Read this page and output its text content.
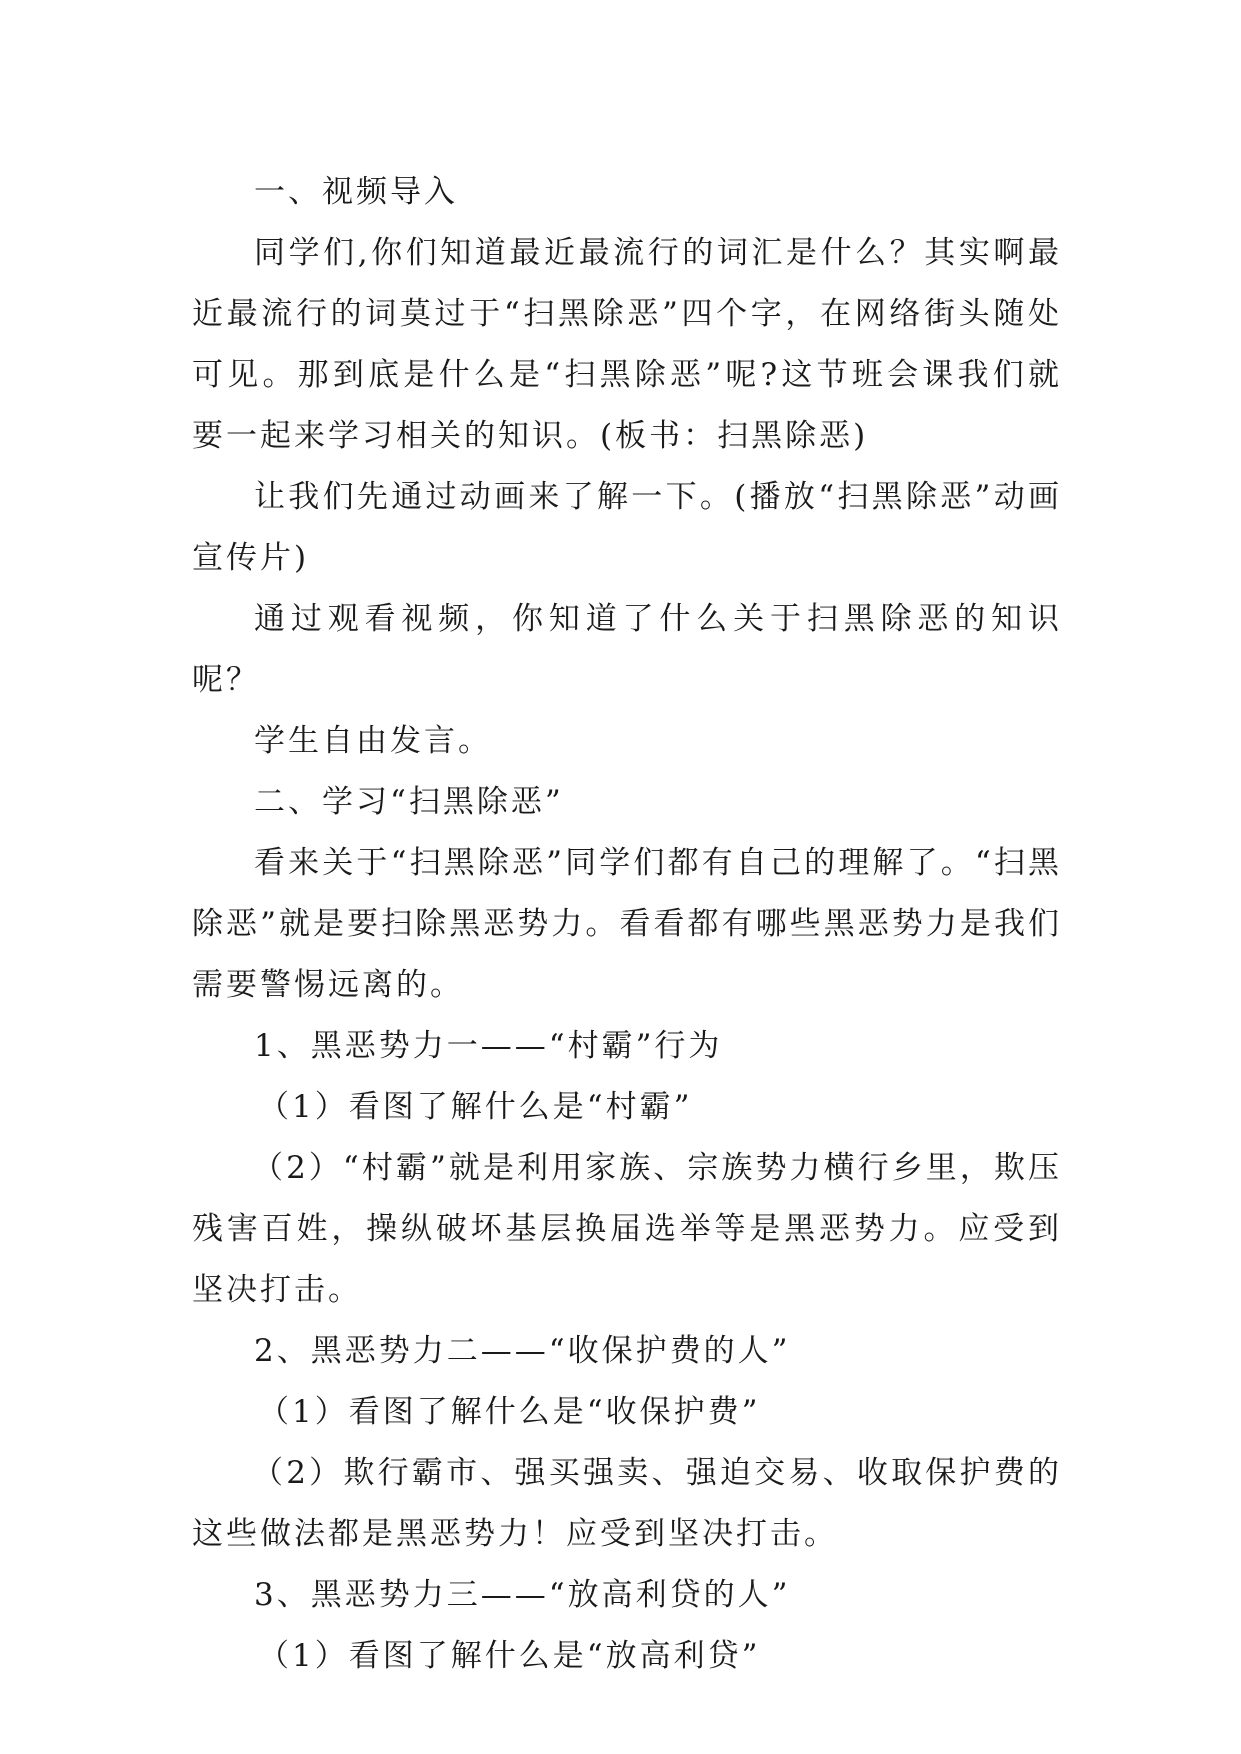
一、视频导入

同学们,你们知道最近最流行的词汇是什么？其实啊最近最流行的词莫过于“扫黑除恶”四个字，在网络街头随处可见。那到底是什么是“扫黑除恶”呢?这节班会课我们就要一起来学习相关的知识。(板书：扫黑除恶)

让我们先通过动画来了解一下。(播放“扫黑除恶”动画宣传片)

通过观看视频，你知道了什么关于扫黑除恶的知识呢？

学生自由发言。

二、学习“扫黑除恶”

看来关于“扫黑除恶”同学们都有自己的理解了。“扫黑除恶”就是要扫除黑恶势力。看看都有哪些黑恶势力是我们需要警惕远离的。

1、黑恶势力一——“村霸”行为

（1）看图了解什么是“村霸”

（2）“村霸”就是利用家族、宗族势力横行乡里，欺压残害百姓，操纵破坏基层换届选举等是黑恶势力。应受到坚决打击。

2、黑恶势力二——“收保护费的人”

（1）看图了解什么是“收保护费”

（2）欺行霸市、强买强卖、强迫交易、收取保护费的这些做法都是黑恶势力！应受到坚决打击。

3、黑恶势力三——“放高利贷的人”

（1）看图了解什么是“放高利贷”
